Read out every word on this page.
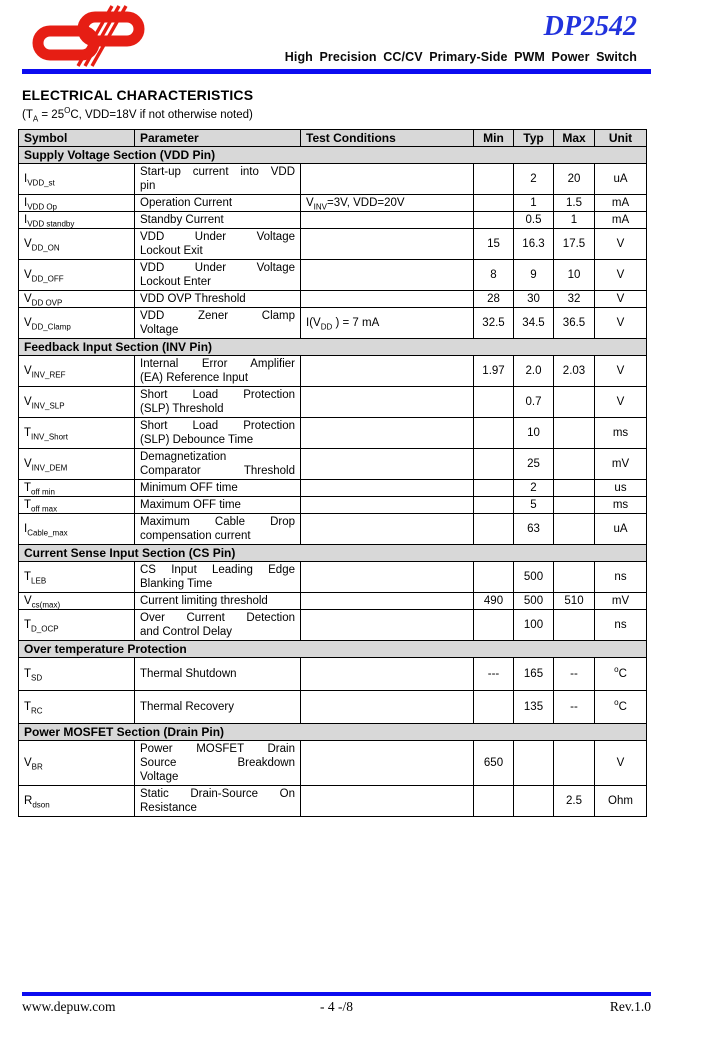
DP2542
High Precision CC/CV Primary-Side PWM Power Switch
ELECTRICAL CHARACTERISTICS
($T_A = 25^OC$, VDD=18V if not otherwise noted)
Symbol	Parameter	Test Conditions	Min	Typ	Max	Unit

Supply Voltage Section (VDD Pin)						

$I_{VDD\_st}$	Start-up current into VDD
pin			2	20	uA

$I_{VDD Op}$	Operation Current	$V_{INV}=3V$, VDD=20V		1	1.5	mA

$I_{VDD standby}$	Standby Current			0.5	1	mA

$V_{DD\_ON}$	VDD Under Voltage
Lockout Exit		15	16.3	17.5	V

$V_{DD\_OFF}$	VDD Under Voltage
Lockout Enter		8	9	10	V

$V_{DD OVP}$	VDD OVP Threshold		28	30	32	V

$V_{DD\_Clamp}$	VDD Zener Clamp
Voltage	$I(V_{DD}$ ) = 7 mA	32.5	34.5	36.5	V

Feedback Input Section (INV Pin)						

$V_{INV\_REF}$	Internal Error Amplifier
(EA) Reference Input		1.97	2.0	2.03	V

$V_{INV\_SLP}$	Short Load Protection
(SLP) Threshold			0.7		V

$T_{INV\_Short}$	Short Load Protection
(SLP) Debounce Time			10		ms

$V_{INV\_DEM}$	Demagnetization
Comparator Threshold			25		mV

$T_{off min}$	Minimum OFF time			2		us

$T_{off max}$	Maximum OFF time			5		ms

$I_{Cable\_max}$	Maximum Cable Drop
compensation current			63		uA

Current Sense Input Section (CS Pin)						

$T_{LEB}$	CS Input Leading Edge
Blanking Time			500		ns

$V_{cs(max)}$	Current limiting threshold		490	500	510	mV

$T_{D\_OCP}$	Over Current Detection
and Control Delay			100		ns

Over temperature Protection						

$T_{SD}$	Thermal Shutdown		---	165	--	$^o$C

$T_{RC}$	Thermal Recovery			135	--	$^o$C

Power MOSFET Section (Drain Pin)						

$V_{BR}$	Power MOSFET Drain
Source Breakdown
Voltage		650			V

$R_{dson}$	Static Drain-Source On
Resistance				2.5	Ohm
www.depuw.com	- 4 -/8	Rev.1.0
